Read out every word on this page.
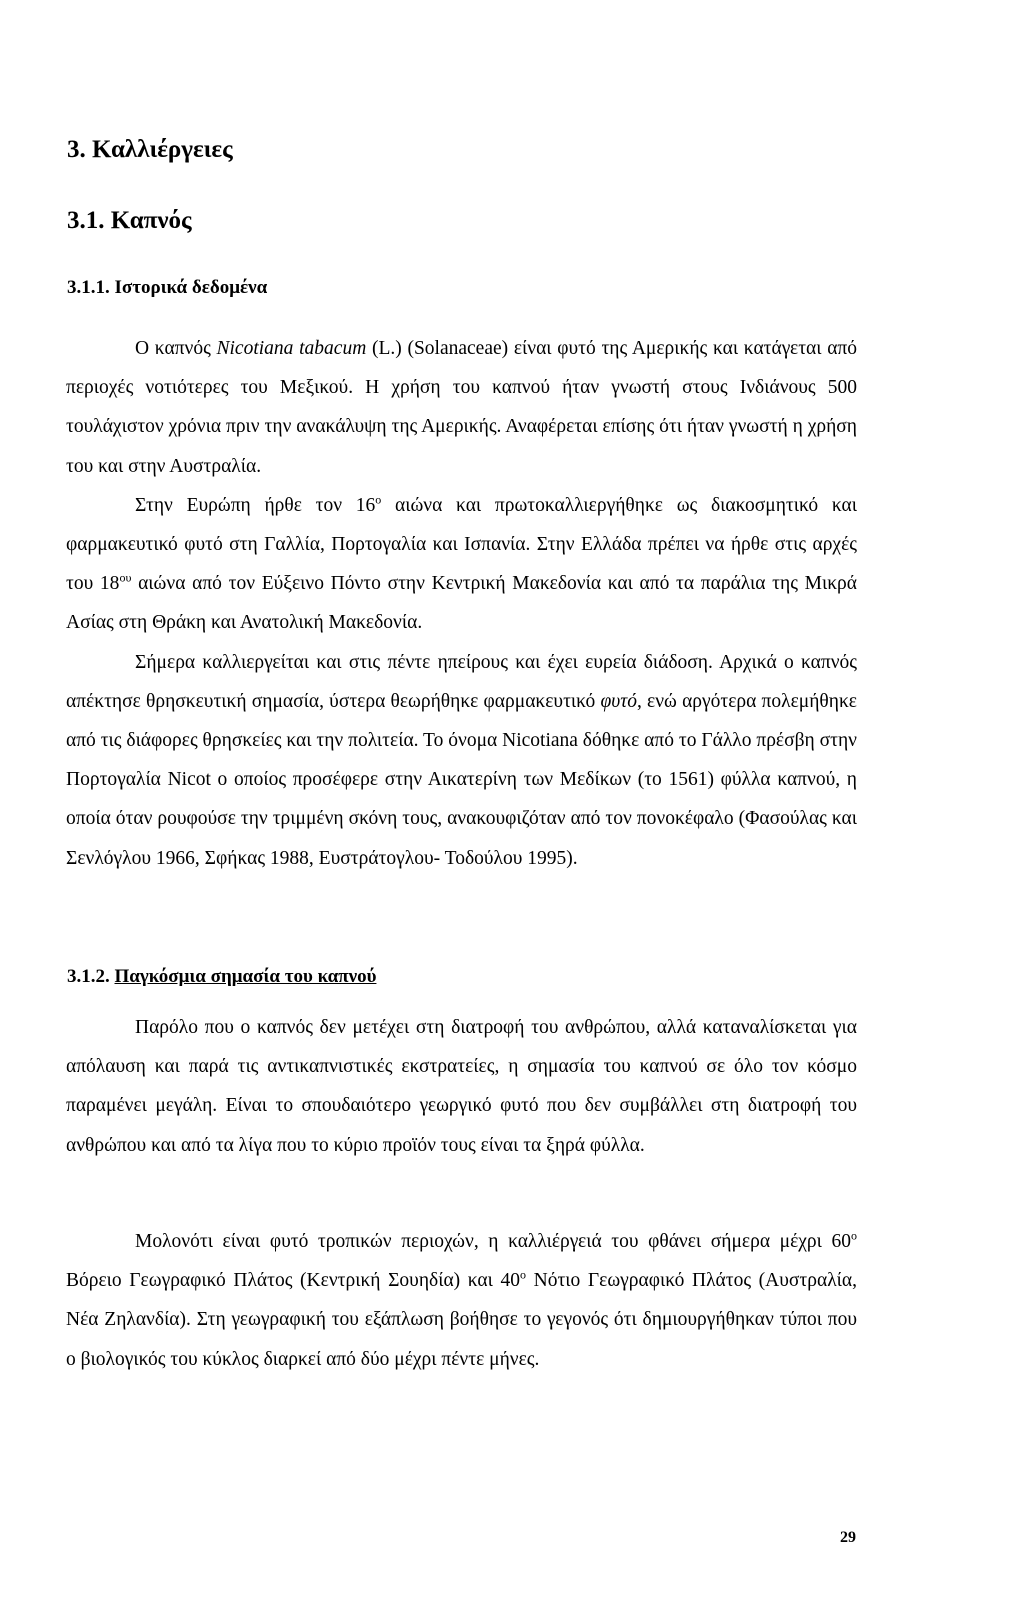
3. Καλλιέργειες
3.1. Καπνός
3.1.1. Ιστορικά δεδομένα

Ο καπνός Nicotiana tabacum (L.) (Solanaceae) είναι φυτό της Αμερικής και κατάγεται από περιοχές νοτιότερες του Μεξικού. Η χρήση του καπνού ήταν γνωστή στους Ινδιάνους 500 τουλάχιστον χρόνια πριν την ανακάλυψη της Αμερικής. Αναφέρεται επίσης ότι ήταν γνωστή η χρήση του και στην Αυστραλία.
Στην Ευρώπη ήρθε τον $16^o$ αιώνα και πρωτοκαλλιεργήθηκε ως διακοσμητικό και φαρμακευτικό φυτό στη Γαλλία, Πορτογαλία και Ισπανία. Στην Ελλάδα πρέπει να ήρθε στις αρχές του $18^{o\upsilon}$ αιώνα από τον Εύξεινο Πόντο στην Κεντρική Μακεδονία και από τα παράλια της Μικρά Ασίας στη Θράκη και Ανατολική Μακεδονία.
Σήμερα καλλιεργείται και στις πέντε ηπείρους και έχει ευρεία διάδοση. Αρχικά ο καπνός απέκτησε θρησκευτική σημασία, ύστερα θεωρήθηκε φαρμακευτικό φυτό, ενώ αργότερα πολεμήθηκε από τις διάφορες θρησκείες και την πολιτεία. Το όνομα Nicotiana δόθηκε από το Γάλλο πρέσβη στην Πορτογαλία Nicot ο οποίος προσέφερε στην Αικατερίνη των Μεδίκων (το 1561) φύλλα καπνού, η οποία όταν ρουφούσε την τριμμένη σκόνη τους, ανακουφιζόταν από τον πονοκέφαλο (Φασούλας και Σενλόγλου 1966, Σφήκας 1988, Ευστράτογλου- Τοδούλου 1995).

3.1.2. Παγκόσμια σημασία του καπνού

Παρόλο που ο καπνός δεν μετέχει στη διατροφή του ανθρώπου, αλλά καταναλίσκεται για απόλαυση και παρά τις αντικαπνιστικές εκστρατείες, η σημασία του καπνού σε όλο τον κόσμο παραμένει μεγάλη. Είναι το σπουδαιότερο γεωργικό φυτό που δεν συμβάλλει στη διατροφή του ανθρώπου και από τα λίγα που το κύριο προϊόν τους είναι τα ξηρά φύλλα.

Μολονότι είναι φυτό τροπικών περιοχών, η καλλιέργειά του φθάνει σήμερα μέχρι $60^o$ Βόρειο Γεωγραφικό Πλάτος (Κεντρική Σουηδία) και $40^o$ Νότιο Γεωγραφικό Πλάτος (Αυστραλία, Νέα Ζηλανδία). Στη γεωγραφική του εξάπλωση βοήθησε το γεγονός ότι δημιουργήθηκαν τύποι που ο βιολογικός του κύκλος διαρκεί από δύο μέχρι πέντε μήνες.

29
